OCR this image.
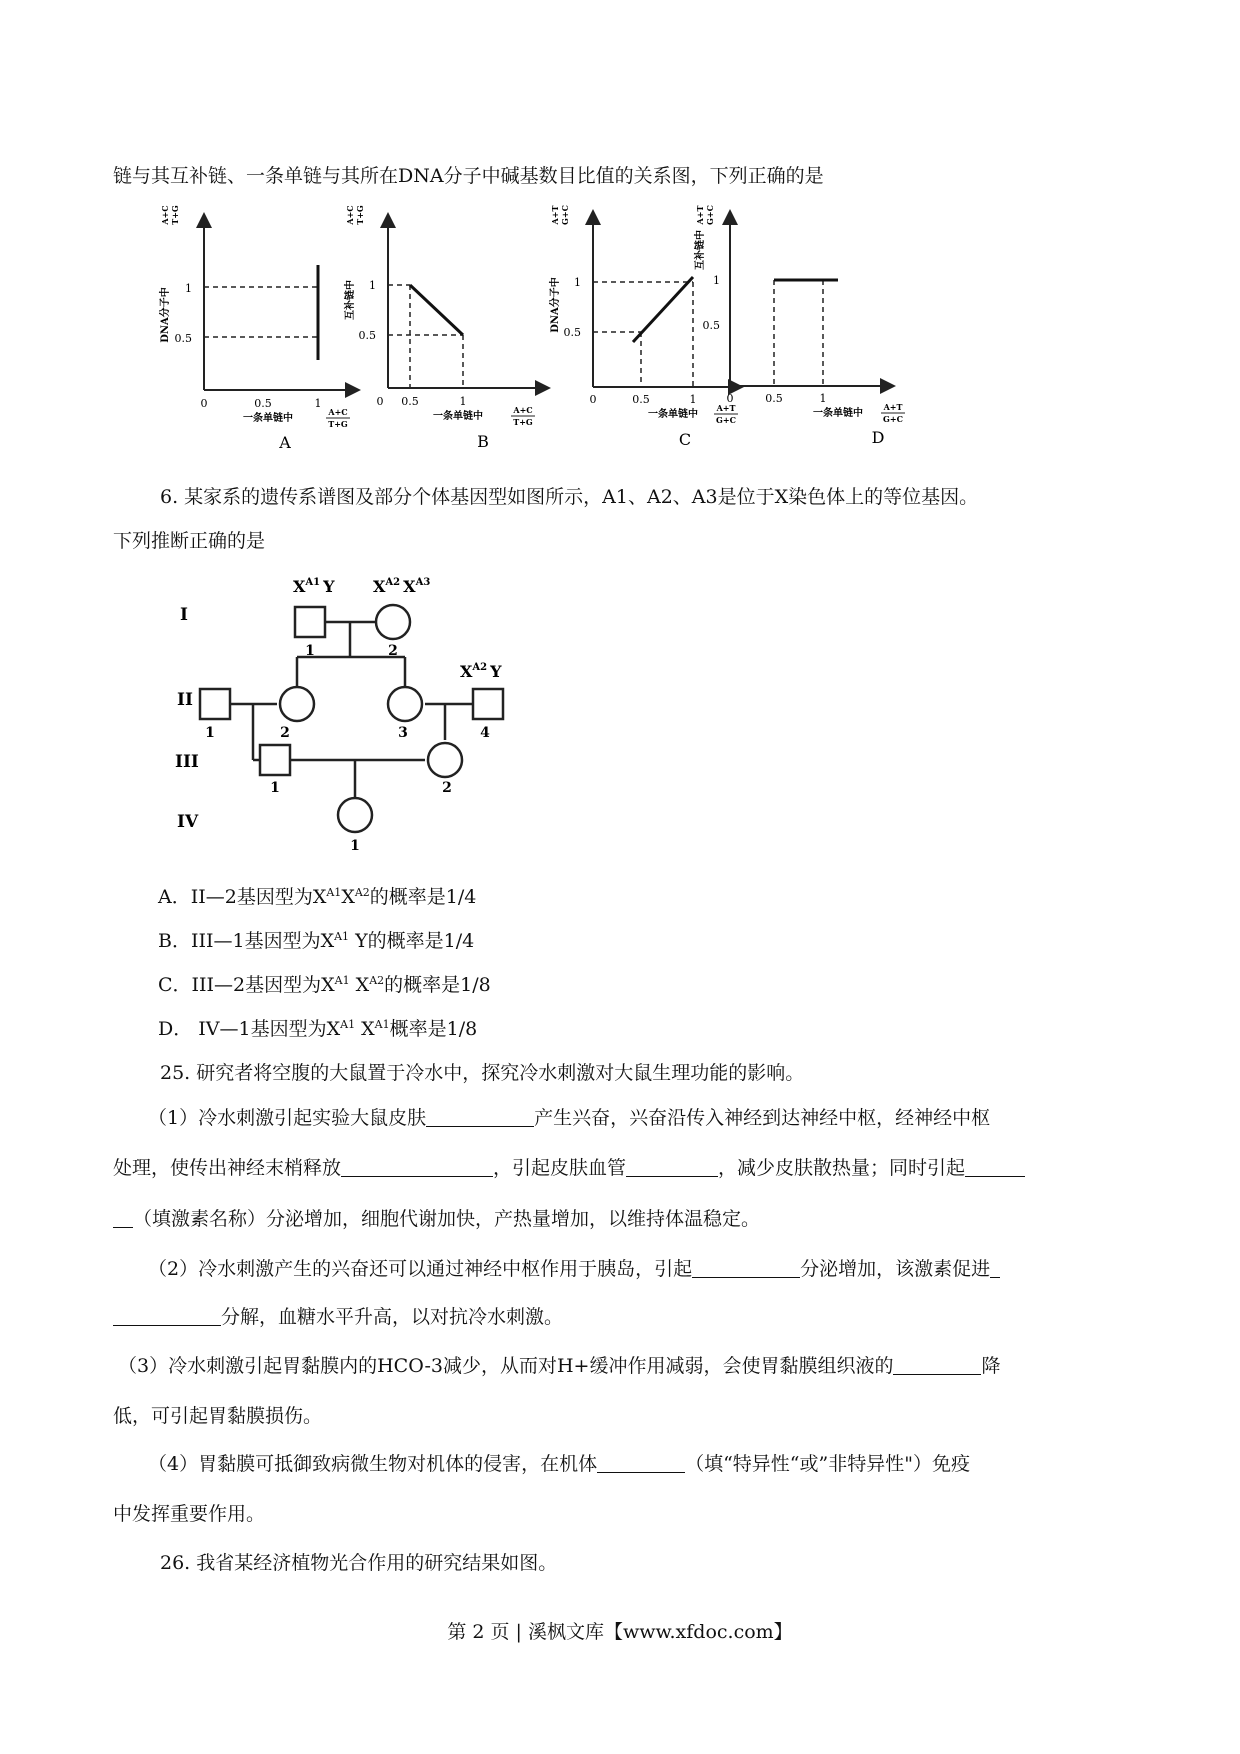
链与其互补链、一条单链与其所在DNA分子中碱基数目比值的关系图，下列正确的是
1
0.5
0	0.5	1
DNA分子中
A+C T+G
一条单链中
A+C
T+G
A
1
0.5
0 0.5	1
互补链中
A+C T+G
一条单链中
A+C
T+G
B
1
0.5
0	0.5	1
DNA分子中
A+T G+C
一条单链中
A+T
G+C
C
1
0.5
0	0.5	1
互补链中
A+T G+C
一条单链中
A+T
G+C
D
6. 某家系的遗传系谱图及部分个体基因型如图所示，A1、A2、A3是位于X染色体上的等位基因。
下列推断正确的是
I
II
III
IV
$X^{A1}$ Y $X^{A2}$ $X^{A3}$
$X^{A2}$ Y
1	2
1	2	3	4
1	2
1
A．II—2基因型为$X^{A1}X^{A2}$的概率是1/4
B．III—1基因型为$X^{A1}$ Y的概率是1/4
C．III—2基因型为$X^{A1}$ $X^{A2}$的概率是1/8
D． IV—1基因型为$X^{A1}$ $X^{A1}$概率是1/8
25. 研究者将空腹的大鼠置于冷水中，探究冷水刺激对大鼠生理功能的影响。
（1）冷水刺激引起实验大鼠皮肤	产生兴奋，兴奋沿传入神经到达神经中枢，经神经中枢
处理，使传出神经末梢释放	，引起皮肤血管	，减少皮肤散热量；同时引起
（填激素名称）分泌增加，细胞代谢加快，产热量增加，以维持体温稳定。
（2）冷水刺激产生的兴奋还可以通过神经中枢作用于胰岛，引起	分泌增加，该激素促进
分解，血糖水平升高，以对抗冷水刺激。
（3）冷水刺激引起胃黏膜内的HCO-3减少，从而对H+缓冲作用减弱，会使胃黏膜组织液的	降
低，可引起胃黏膜损伤。
（4）胃黏膜可抵御致病微生物对机体的侵害，在机体	（填“特异性“或”非特异性"）免疫
中发挥重要作用。
26. 我省某经济植物光合作用的研究结果如图。
第 2 页 | 溪枫文库【www.xfdoc.com】
